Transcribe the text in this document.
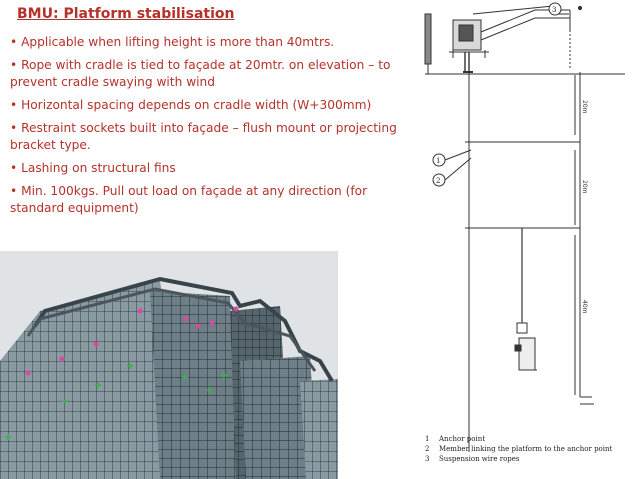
BMU: Platform stabilisation

• Applicable when lifting height is more than 40mtrs.

• Rope with cradle is tied to façade at 20mtr. on elevation – to prevent cradle swaying with wind

• Horizontal spacing depends on cradle width (W+300mm)

• Restraint sockets built into façade – flush mount or projecting bracket type.

• Lashing on structural fins

• Min. 100kgs. Pull out load on façade at any direction (for standard equipment)

3
1
2
20m
20m
40m
1 Anchor point
2 Member linking the platform to the anchor point
3 Suspension wire ropes
